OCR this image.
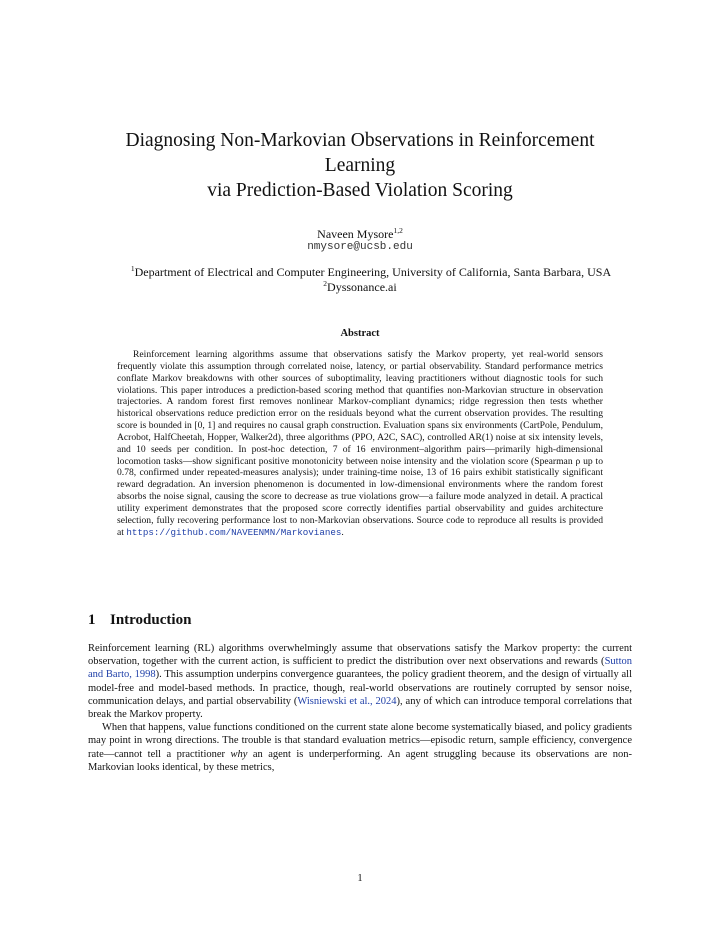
Diagnosing Non-Markovian Observations in Reinforcement
Learning
via Prediction-Based Violation Scoring
Naveen Mysore$^{1,2}$
nmysore@ucsb.edu
$^1$Department of Electrical and Computer Engineering, University of California, Santa Barbara, USA
$^2$Dyssonance.ai
Abstract

Reinforcement learning algorithms assume that observations satisfy the Markov property, yet real-world sensors frequently violate this assumption through correlated noise, latency, or partial observability. Standard performance metrics conflate Markov breakdowns with other sources of suboptimality, leaving practitioners without diagnostic tools for such violations. This paper introduces a prediction-based scoring method that quantifies non-Markovian structure in observation trajectories. A random forest first removes nonlinear Markov-compliant dynamics; ridge regression then tests whether historical observations reduce prediction error on the residuals beyond what the current observation provides. The resulting score is bounded in [0, 1] and requires no causal graph construction. Evaluation spans six environments (CartPole, Pendulum, Acrobot, HalfCheetah, Hopper, Walker2d), three algorithms (PPO, A2C, SAC), controlled AR(1) noise at six intensity levels, and 10 seeds per condition. In post-hoc detection, 7 of 16 environment–algorithm pairs—primarily high-dimensional locomotion tasks—show significant positive monotonicity between noise intensity and the violation score (Spearman ρ up to 0.78, confirmed under repeated-measures analysis); under training-time noise, 13 of 16 pairs exhibit statistically significant reward degradation. An inversion phenomenon is documented in low-dimensional environments where the random forest absorbs the noise signal, causing the score to decrease as true violations grow—a failure mode analyzed in detail. A practical utility experiment demonstrates that the proposed score correctly identifies partial observability and guides architecture selection, fully recovering performance lost to non-Markovian observations. Source code to reproduce all results is provided at https://github.com/NAVEENMN/Markovianes.

1 Introduction

Reinforcement learning (RL) algorithms overwhelmingly assume that observations satisfy the Markov property: the current observation, together with the current action, is sufficient to predict the distribution over next observations and rewards (Sutton and Barto, 1998). This assumption underpins convergence guarantees, the policy gradient theorem, and the design of virtually all model-free and model-based methods. In practice, though, real-world observations are routinely corrupted by sensor noise, communication delays, and partial observability (Wisniewski et al., 2024), any of which can introduce temporal correlations that break the Markov property.

When that happens, value functions conditioned on the current state alone become systematically biased, and policy gradients may point in wrong directions. The trouble is that standard evaluation metrics—episodic return, sample efficiency, convergence rate—cannot tell a practitioner why an agent is underperforming. An agent struggling because its observations are non-Markovian looks identical, by these metrics,

1
